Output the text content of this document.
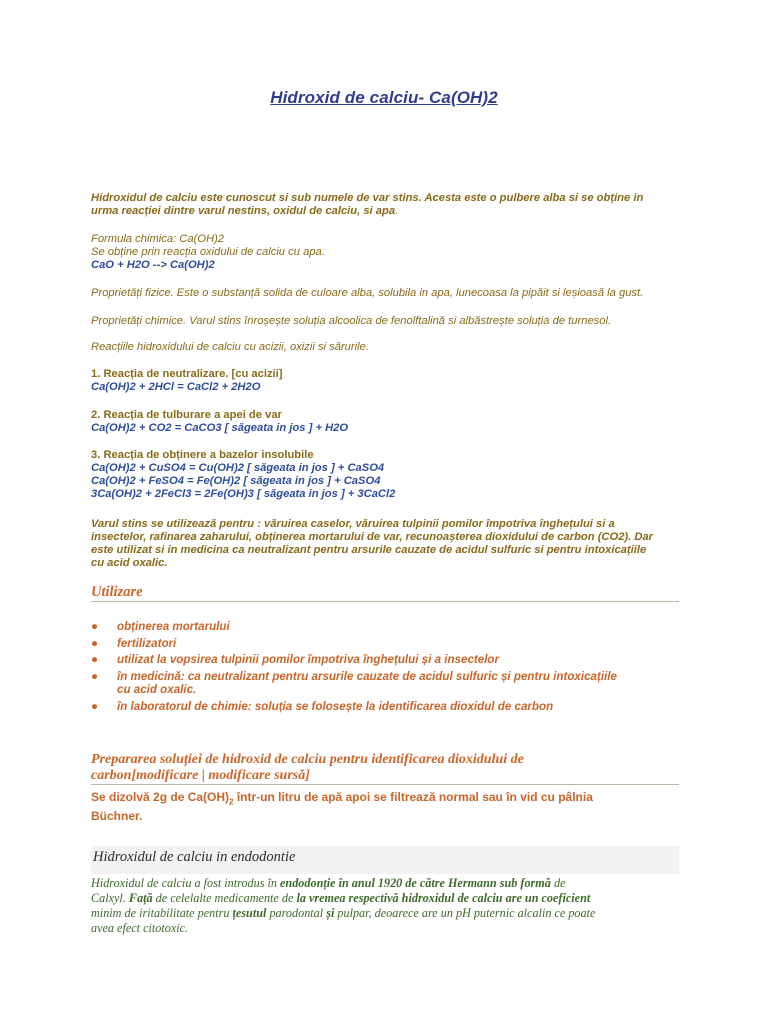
Hidroxid de calciu- Ca(OH)2
Hidroxidul de calciu este cunoscut si sub numele de var stins. Acesta este o pulbere alba si se obține in
urma reacției dintre varul nestins, oxidul de calciu, si apa.
Formula chimica: Ca(OH)2
Se obține prin reacția oxidului de calciu cu apa.
CaO + H2O --> Ca(OH)2
Proprietăți fizice. Este o substanță solida de culoare alba, solubila in apa, lunecoasa la pipăit si leșioasă la gust.
Proprietăți chimice. Varul stins înroșește soluția alcoolica de fenolftalină si albăstrește soluția de turnesol.
Reacțiile hidroxidului de calciu cu acizii, oxizii si sărurile.
1. Reacția de neutralizare. [cu acizii]
Ca(OH)2 + 2HCl = CaCl2 + 2H2O
2. Reacția de tulburare a apei de var
Ca(OH)2 + CO2 = CaCO3 [ săgeata in jos ] + H2O
3. Reacția de obținere a bazelor insolubile
Ca(OH)2 + CuSO4 = Cu(OH)2 [ săgeata in jos ] + CaSO4
Ca(OH)2 + FeSO4 = Fe(OH)2 [ săgeata in jos ] + CaSO4
3Ca(OH)2 + 2FeCl3 = 2Fe(OH)3 [ săgeata in jos ] + 3CaCl2
Varul stins se utilizează pentru : văruirea caselor, văruirea tulpinii pomilor împotriva înghețului si a
insectelor, rafinarea zaharului, obținerea mortarului de var, recunoașterea dioxidului de carbon (CO2). Dar
este utilizat si in medicina ca neutralizant pentru arsurile cauzate de acidul sulfuric si pentru intoxicațiile
cu acid oxalic.
Utilizare
● obținerea mortarului
● fertilizatori
● utilizat la vopsirea tulpinii pomilor împotriva înghețului și a insectelor
● în medicină: ca neutralizant pentru arsurile cauzate de acidul sulfuric și pentru intoxicațiile
cu acid oxalic.
● în laboratorul de chimie: soluția se folosește la identificarea dioxidul de carbon
Prepararea soluției de hidroxid de calciu pentru identificarea dioxidului de
carbon[modificare | modificare sursă]
Se dizolvă 2g de $Ca(OH)_2$ într-un litru de apă apoi se filtrează normal sau în vid cu pâlnia
Büchner.
Hidroxidul de calciu in endodontie
Hidroxidul de calciu a fost introdus în endodonție în anul 1920 de către Hermann sub formă de
Calxyl. Față de celelalte medicamente de la vremea respectivă hidroxidul de calciu are un coeficient
minim de iritabilitate pentru țesutul parodontal și pulpar, deoarece are un pH puternic alcalin ce poate
avea efect citotoxic.
